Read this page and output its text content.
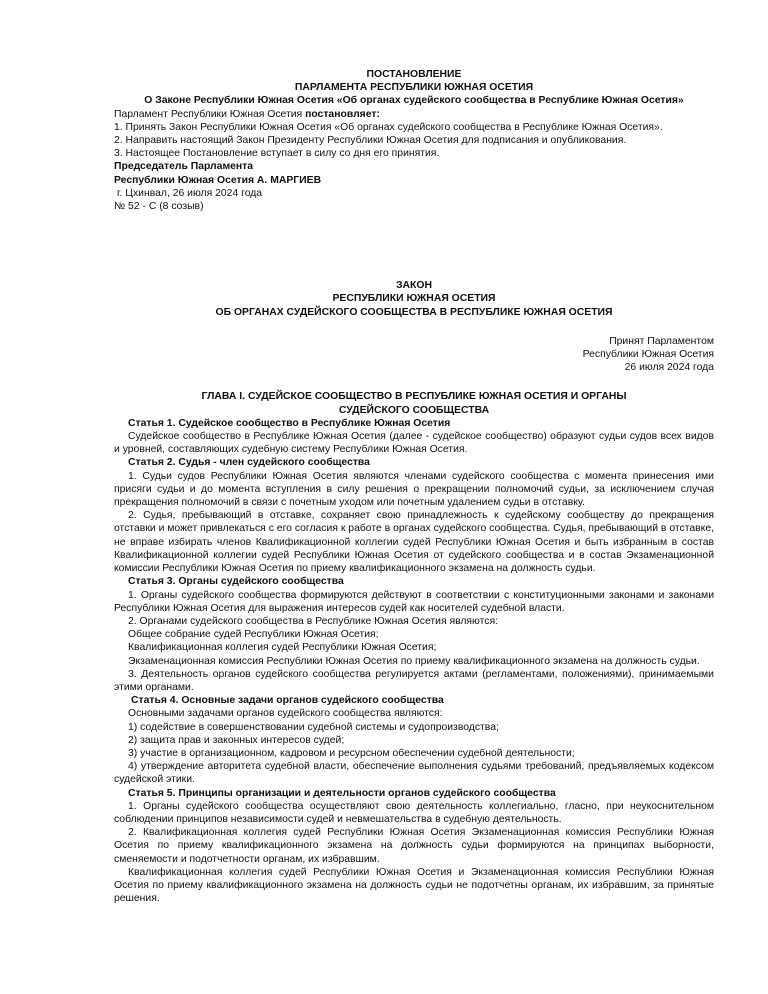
ПОСТАНОВЛЕНИЕ

ПАРЛАМЕНТА РЕСПУБЛИКИ ЮЖНАЯ ОСЕТИЯ

О Законе Республики Южная Осетия «Об органах судейского сообщества в Республике Южная Осетия»

Парламент Республики Южная Осетия постановляет:

1. Принять Закон Республики Южная Осетия «Об органах судейского сообщества в Республике Южная Осетия».

2. Направить настоящий Закон Президенту Республики Южная Осетия для подписания и опубликования.

3. Настоящее Постановление вступает в силу со дня его принятия.

Председатель Парламента

Республики Южная Осетия А. МАРГИЕВ

г. Цхинвал, 26 июля 2024 года

№ 52 - С (8 созыв)

ЗАКОН

РЕСПУБЛИКИ ЮЖНАЯ ОСЕТИЯ

ОБ ОРГАНАХ СУДЕЙСКОГО СООБЩЕСТВА В РЕСПУБЛИКЕ ЮЖНАЯ ОСЕТИЯ

Принят Парламентом

Республики Южная Осетия

26 июля 2024 года

ГЛАВА I. СУДЕЙСКОЕ СООБЩЕСТВО В РЕСПУБЛИКЕ ЮЖНАЯ ОСЕТИЯ И ОРГАНЫ

СУДЕЙСКОГО СООБЩЕСТВА

Статья 1. Судейское сообщество в Республике Южная Осетия

Судейское сообщество в Республике Южная Осетия (далее - судейское сообщество) образуют судьи судов всех видов и уровней, составляющих судебную систему Республики Южная Осетия.

Статья 2. Судья - член судейского сообщества

1. Судьи судов Республики Южная Осетия являются членами судейского сообщества с момента принесения ими присяги судьи и до момента вступления в силу решения о прекращении полномочий судьи, за исключением случая прекращения полномочий в связи с почетным уходом или почетным удалением судьи в отставку.

2. Судья, пребывающий в отставке, сохраняет свою принадлежность к судейскому сообществу до прекращения отставки и может привлекаться с его согласия к работе в органах судейского сообщества. Судья, пребывающий в отставке, не вправе избирать членов Квалификационной коллегии судей Республики Южная Осетия и быть избранным в состав Квалификационной коллегии судей Республики Южная Осетия от судейского сообщества и в состав Экзаменационной комиссии Республики Южная Осетия по приему квалификационного экзамена на должность судьи.

Статья 3. Органы судейского сообщества

1. Органы судейского сообщества формируются действуют в соответствии с конституционными законами и законами Республики Южная Осетия для выражения интересов судей как носителей судебной власти.

2. Органами судейского сообщества в Республике Южная Осетия являются:

Общее собрание судей Республики Южная Осетия;

Квалификационная коллегия судей Республики Южная Осетия;

Экзаменационная комиссия Республики Южная Осетия по приему квалификационного экзамена на должность судьи.

3. Деятельность органов судейского сообщества регулируется актами (регламентами, положениями), принимаемыми этими органами.

Статья 4. Основные задачи органов судейского сообщества

Основными задачами органов судейского сообщества являются:

1) содействие в совершенствовании судебной системы и судопроизводства;

2) защита прав и законных интересов судей;

3) участие в организационном, кадровом и ресурсном обеспечении судебной деятельности;

4) утверждение авторитета судебной власти, обеспечение выполнения судьями требований, предъявляемых кодексом судейской этики.

Статья 5. Принципы организации и деятельности органов судейского сообщества

1. Органы судейского сообщества осуществляют свою деятельность коллегиально, гласно, при неукоснительном соблюдении принципов независимости судей и невмешательства в судебную деятельность.

2. Квалификационная коллегия судей Республики Южная Осетия Экзаменационная комиссия Республики Южная Осетия по приему квалификационного экзамена на должность судьи формируются на принципах выборности, сменяемости и подотчетности органам, их избравшим.

Квалификационная коллегия судей Республики Южная Осетия и Экзаменационная комиссия Республики Южная Осетия по приему квалификационного экзамена на должность судьи не подотчетны органам, их избравшим, за принятые решения.
